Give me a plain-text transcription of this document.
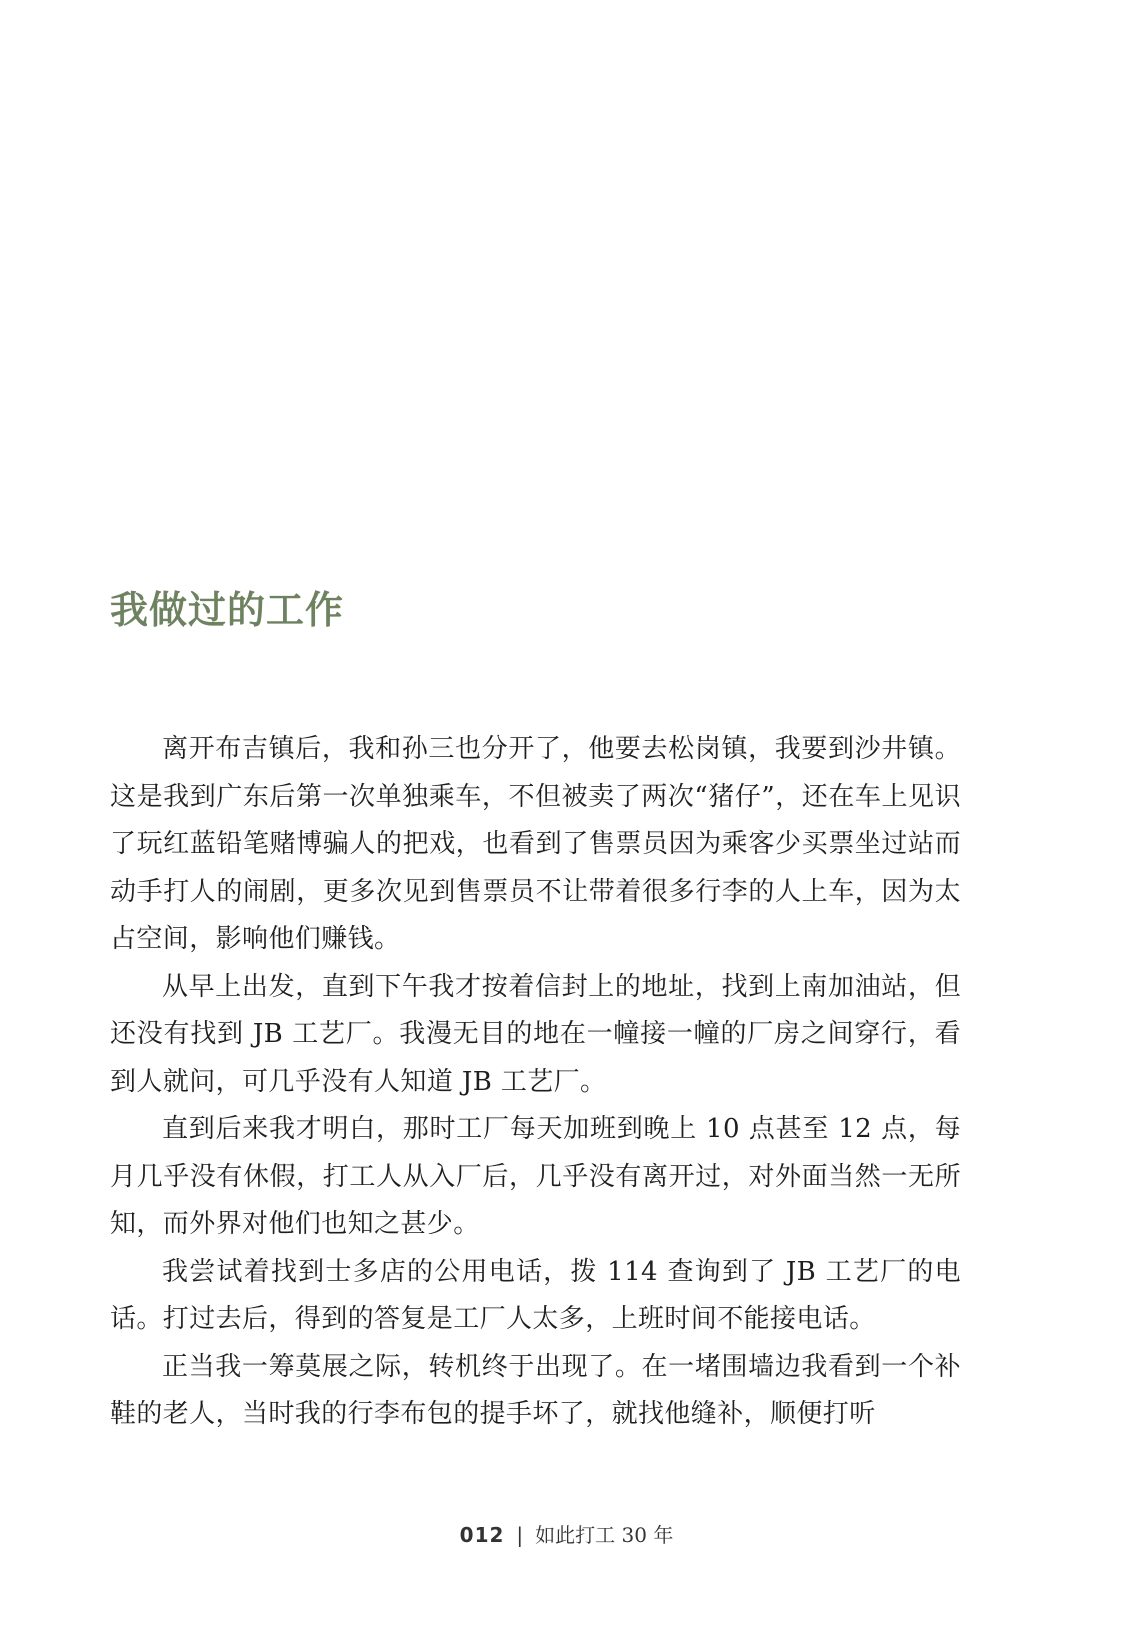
我做过的工作

离开布吉镇后，我和孙三也分开了，他要去松岗镇，我要到沙井镇。这是我到广东后第一次单独乘车，不但被卖了两次“猪仔”，还在车上见识了玩红蓝铅笔赌博骗人的把戏，也看到了售票员因为乘客少买票坐过站而动手打人的闹剧，更多次见到售票员不让带着很多行李的人上车，因为太占空间，影响他们赚钱。

从早上出发，直到下午我才按着信封上的地址，找到上南加油站，但还没有找到 JB 工艺厂。我漫无目的地在一幢接一幢的厂房之间穿行，看到人就问，可几乎没有人知道 JB 工艺厂。

直到后来我才明白，那时工厂每天加班到晚上 10 点甚至 12 点，每月几乎没有休假，打工人从入厂后，几乎没有离开过，对外面当然一无所知，而外界对他们也知之甚少。

我尝试着找到士多店的公用电话，拨 114 查询到了 JB 工艺厂的电话。打过去后，得到的答复是工厂人太多，上班时间不能接电话。

正当我一筹莫展之际，转机终于出现了。在一堵围墙边我看到一个补鞋的老人，当时我的行李布包的提手坏了，就找他缝补，顺便打听

012 | 如此打工 30 年
